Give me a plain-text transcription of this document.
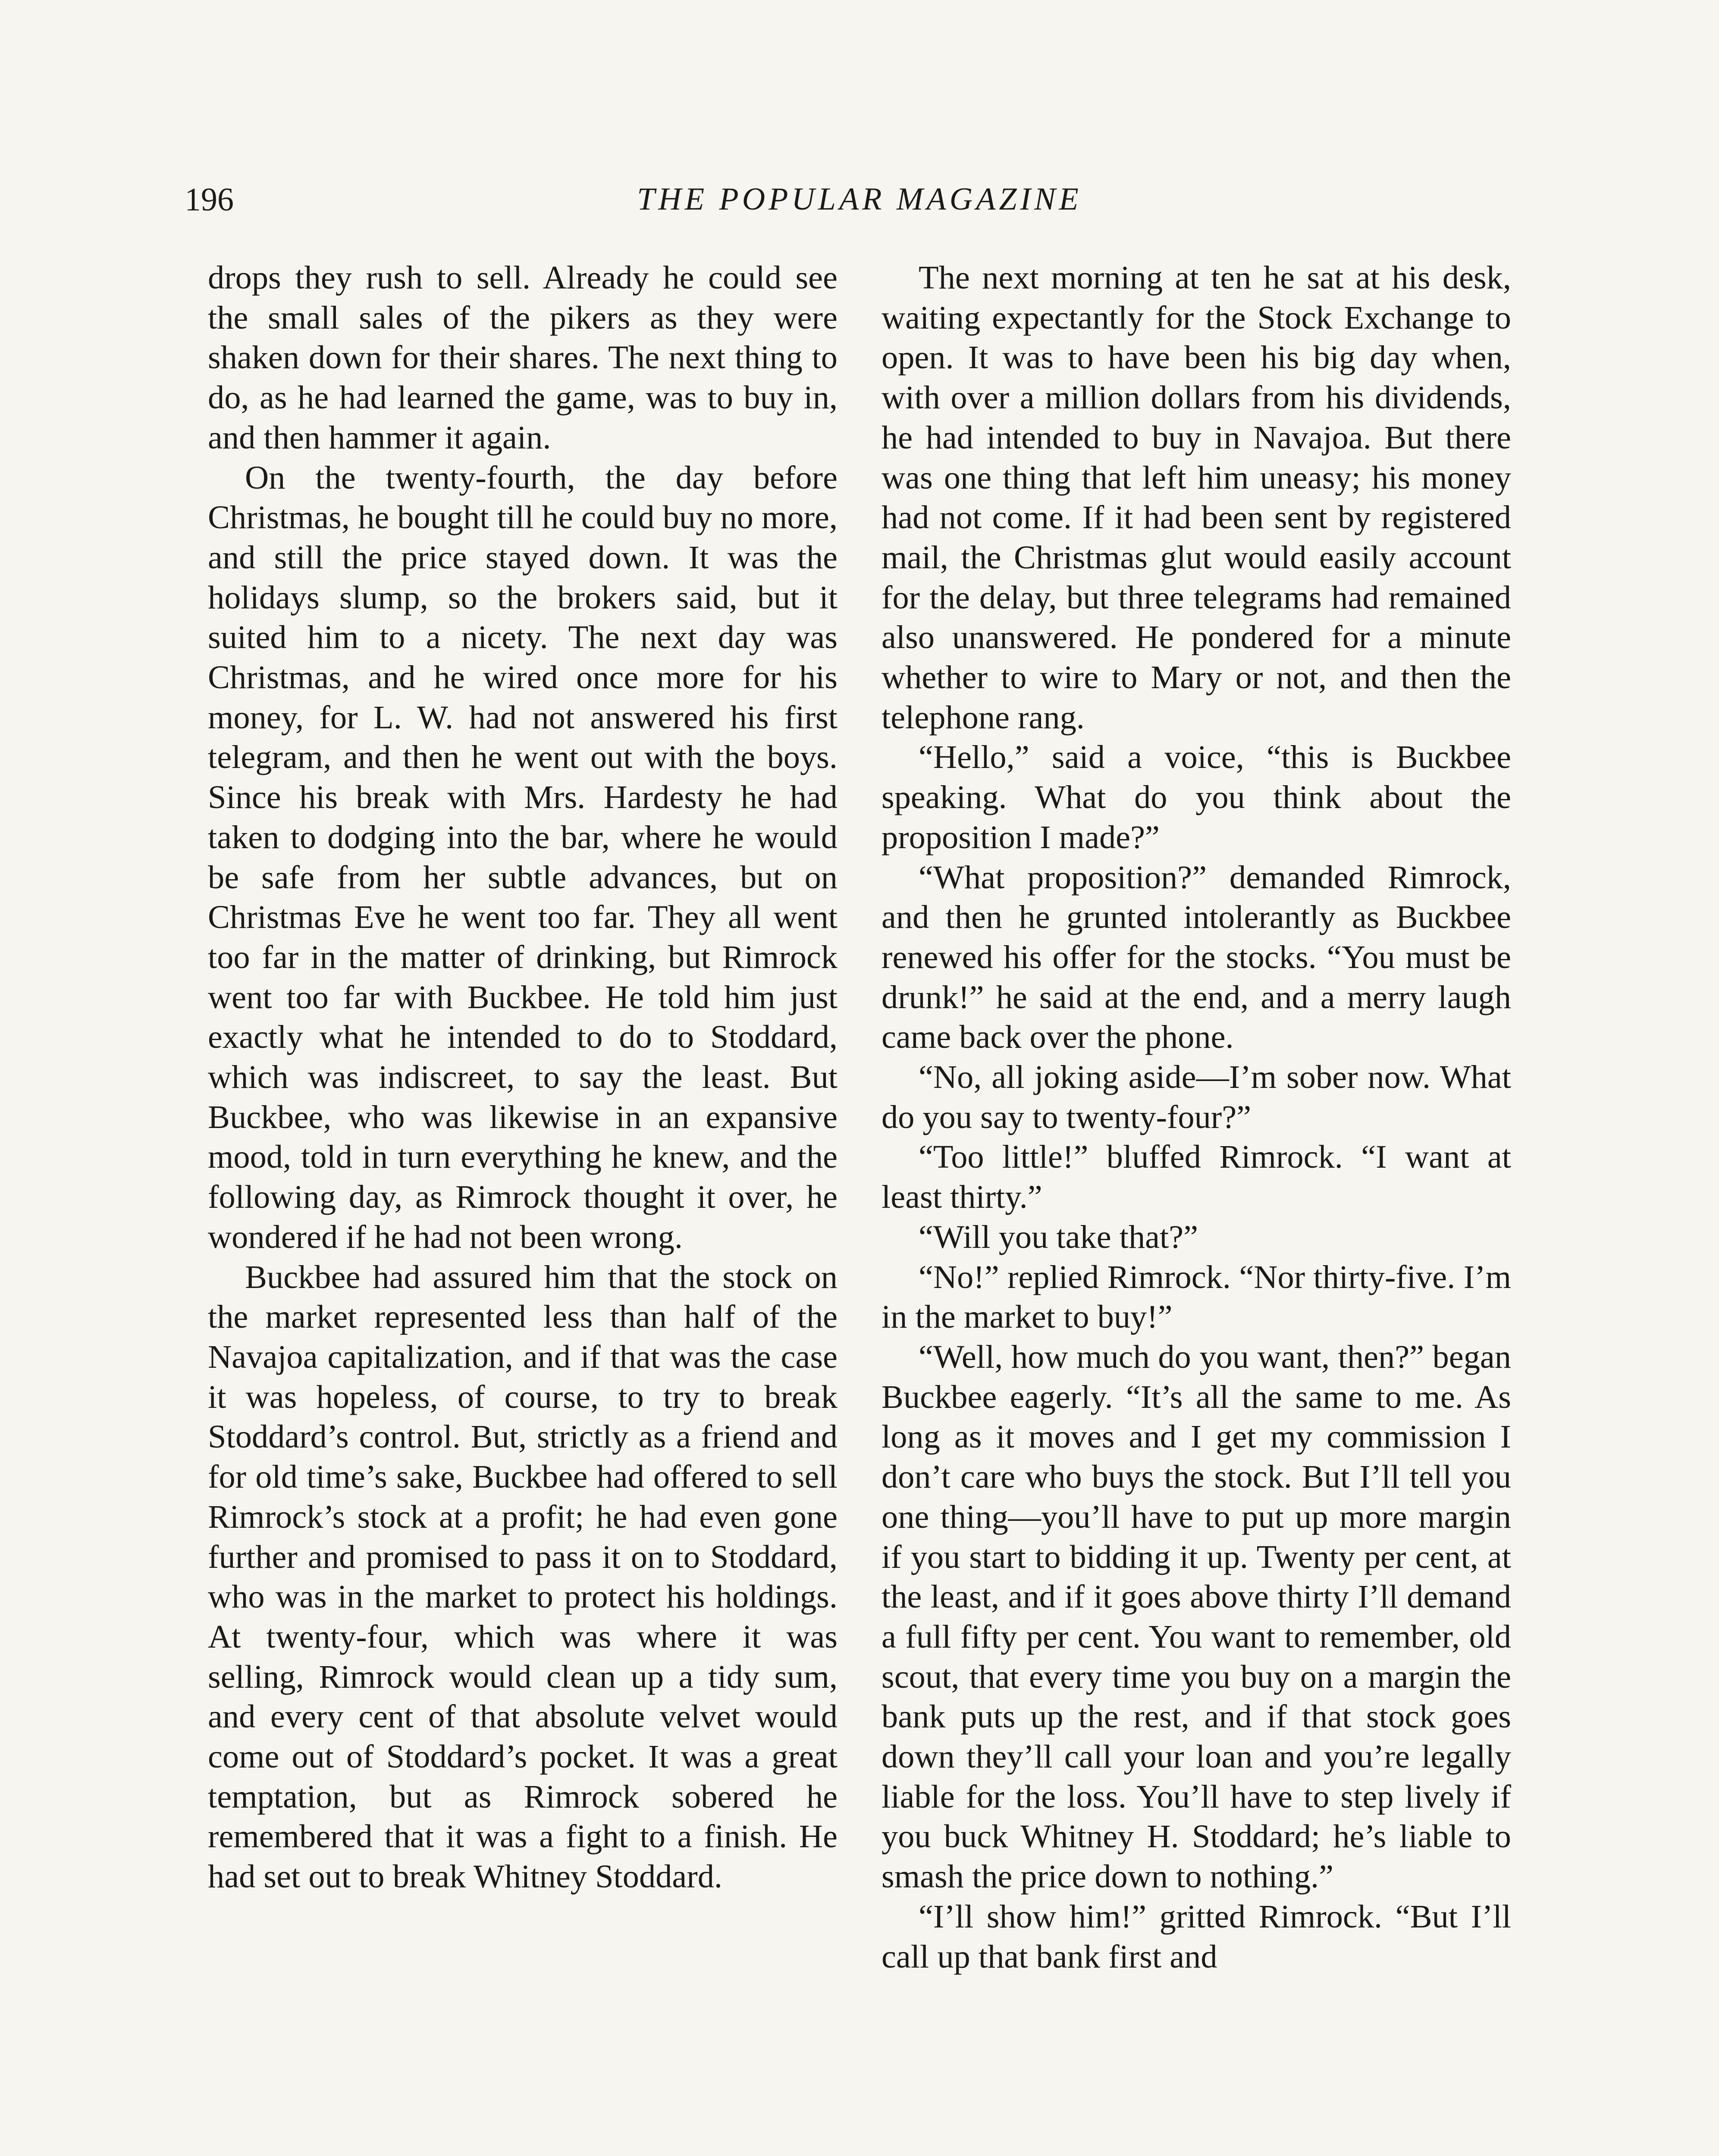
196	THE POPULAR MAGAZINE

drops they rush to sell. Already he could see the small sales of the pikers as they were shaken down for their shares. The next thing to do, as he had learned the game, was to buy in, and then hammer it again.

On the twenty-fourth, the day before Christmas, he bought till he could buy no more, and still the price stayed down. It was the holidays slump, so the brokers said, but it suited him to a nicety. The next day was Christmas, and he wired once more for his money, for L. W. had not answered his first telegram, and then he went out with the boys. Since his break with Mrs. Hardesty he had taken to dodging into the bar, where he would be safe from her subtle advances, but on Christmas Eve he went too far. They all went too far in the matter of drinking, but Rimrock went too far with Buckbee. He told him just exactly what he intended to do to Stoddard, which was indiscreet, to say the least. But Buckbee, who was likewise in an expansive mood, told in turn everything he knew, and the following day, as Rimrock thought it over, he wondered if he had not been wrong.

Buckbee had assured him that the stock on the market represented less than half of the Navajoa capitalization, and if that was the case it was hopeless, of course, to try to break Stoddard’s control. But, strictly as a friend and for old time’s sake, Buckbee had offered to sell Rimrock’s stock at a profit; he had even gone further and promised to pass it on to Stoddard, who was in the market to protect his holdings. At twenty-four, which was where it was selling, Rimrock would clean up a tidy sum, and every cent of that absolute velvet would come out of Stoddard’s pocket. It was a great temptation, but as Rimrock sobered he remembered that it was a fight to a finish. He had set out to break Whitney Stoddard.

The next morning at ten he sat at his desk, waiting expectantly for the Stock Exchange to open. It was to have been his big day when, with over a million dollars from his dividends, he had intended to buy in Navajoa. But there was one thing that left him uneasy; his money had not come. If it had been sent by registered mail, the Christmas glut would easily account for the delay, but three telegrams had remained also unanswered. He pondered for a minute whether to wire to Mary or not, and then the telephone rang.

“Hello,” said a voice, “this is Buckbee speaking. What do you think about the proposition I made?”

“What proposition?” demanded Rimrock, and then he grunted intolerantly as Buckbee renewed his offer for the stocks. “You must be drunk!” he said at the end, and a merry laugh came back over the phone.

“No, all joking aside—I’m sober now. What do you say to twenty-four?”

“Too little!” bluffed Rimrock. “I want at least thirty.”

“Will you take that?”

“No!” replied Rimrock. “Nor thirty-five. I’m in the market to buy!”

“Well, how much do you want, then?” began Buckbee eagerly. “It’s all the same to me. As long as it moves and I get my commission I don’t care who buys the stock. But I’ll tell you one thing—you’ll have to put up more margin if you start to bidding it up. Twenty per cent, at the least, and if it goes above thirty I’ll demand a full fifty per cent. You want to remember, old scout, that every time you buy on a margin the bank puts up the rest, and if that stock goes down they’ll call your loan and you’re legally liable for the loss. You’ll have to step lively if you buck Whitney H. Stoddard; he’s liable to smash the price down to nothing.”

“I’ll show him!” gritted Rimrock. “But I’ll call up that bank first and
